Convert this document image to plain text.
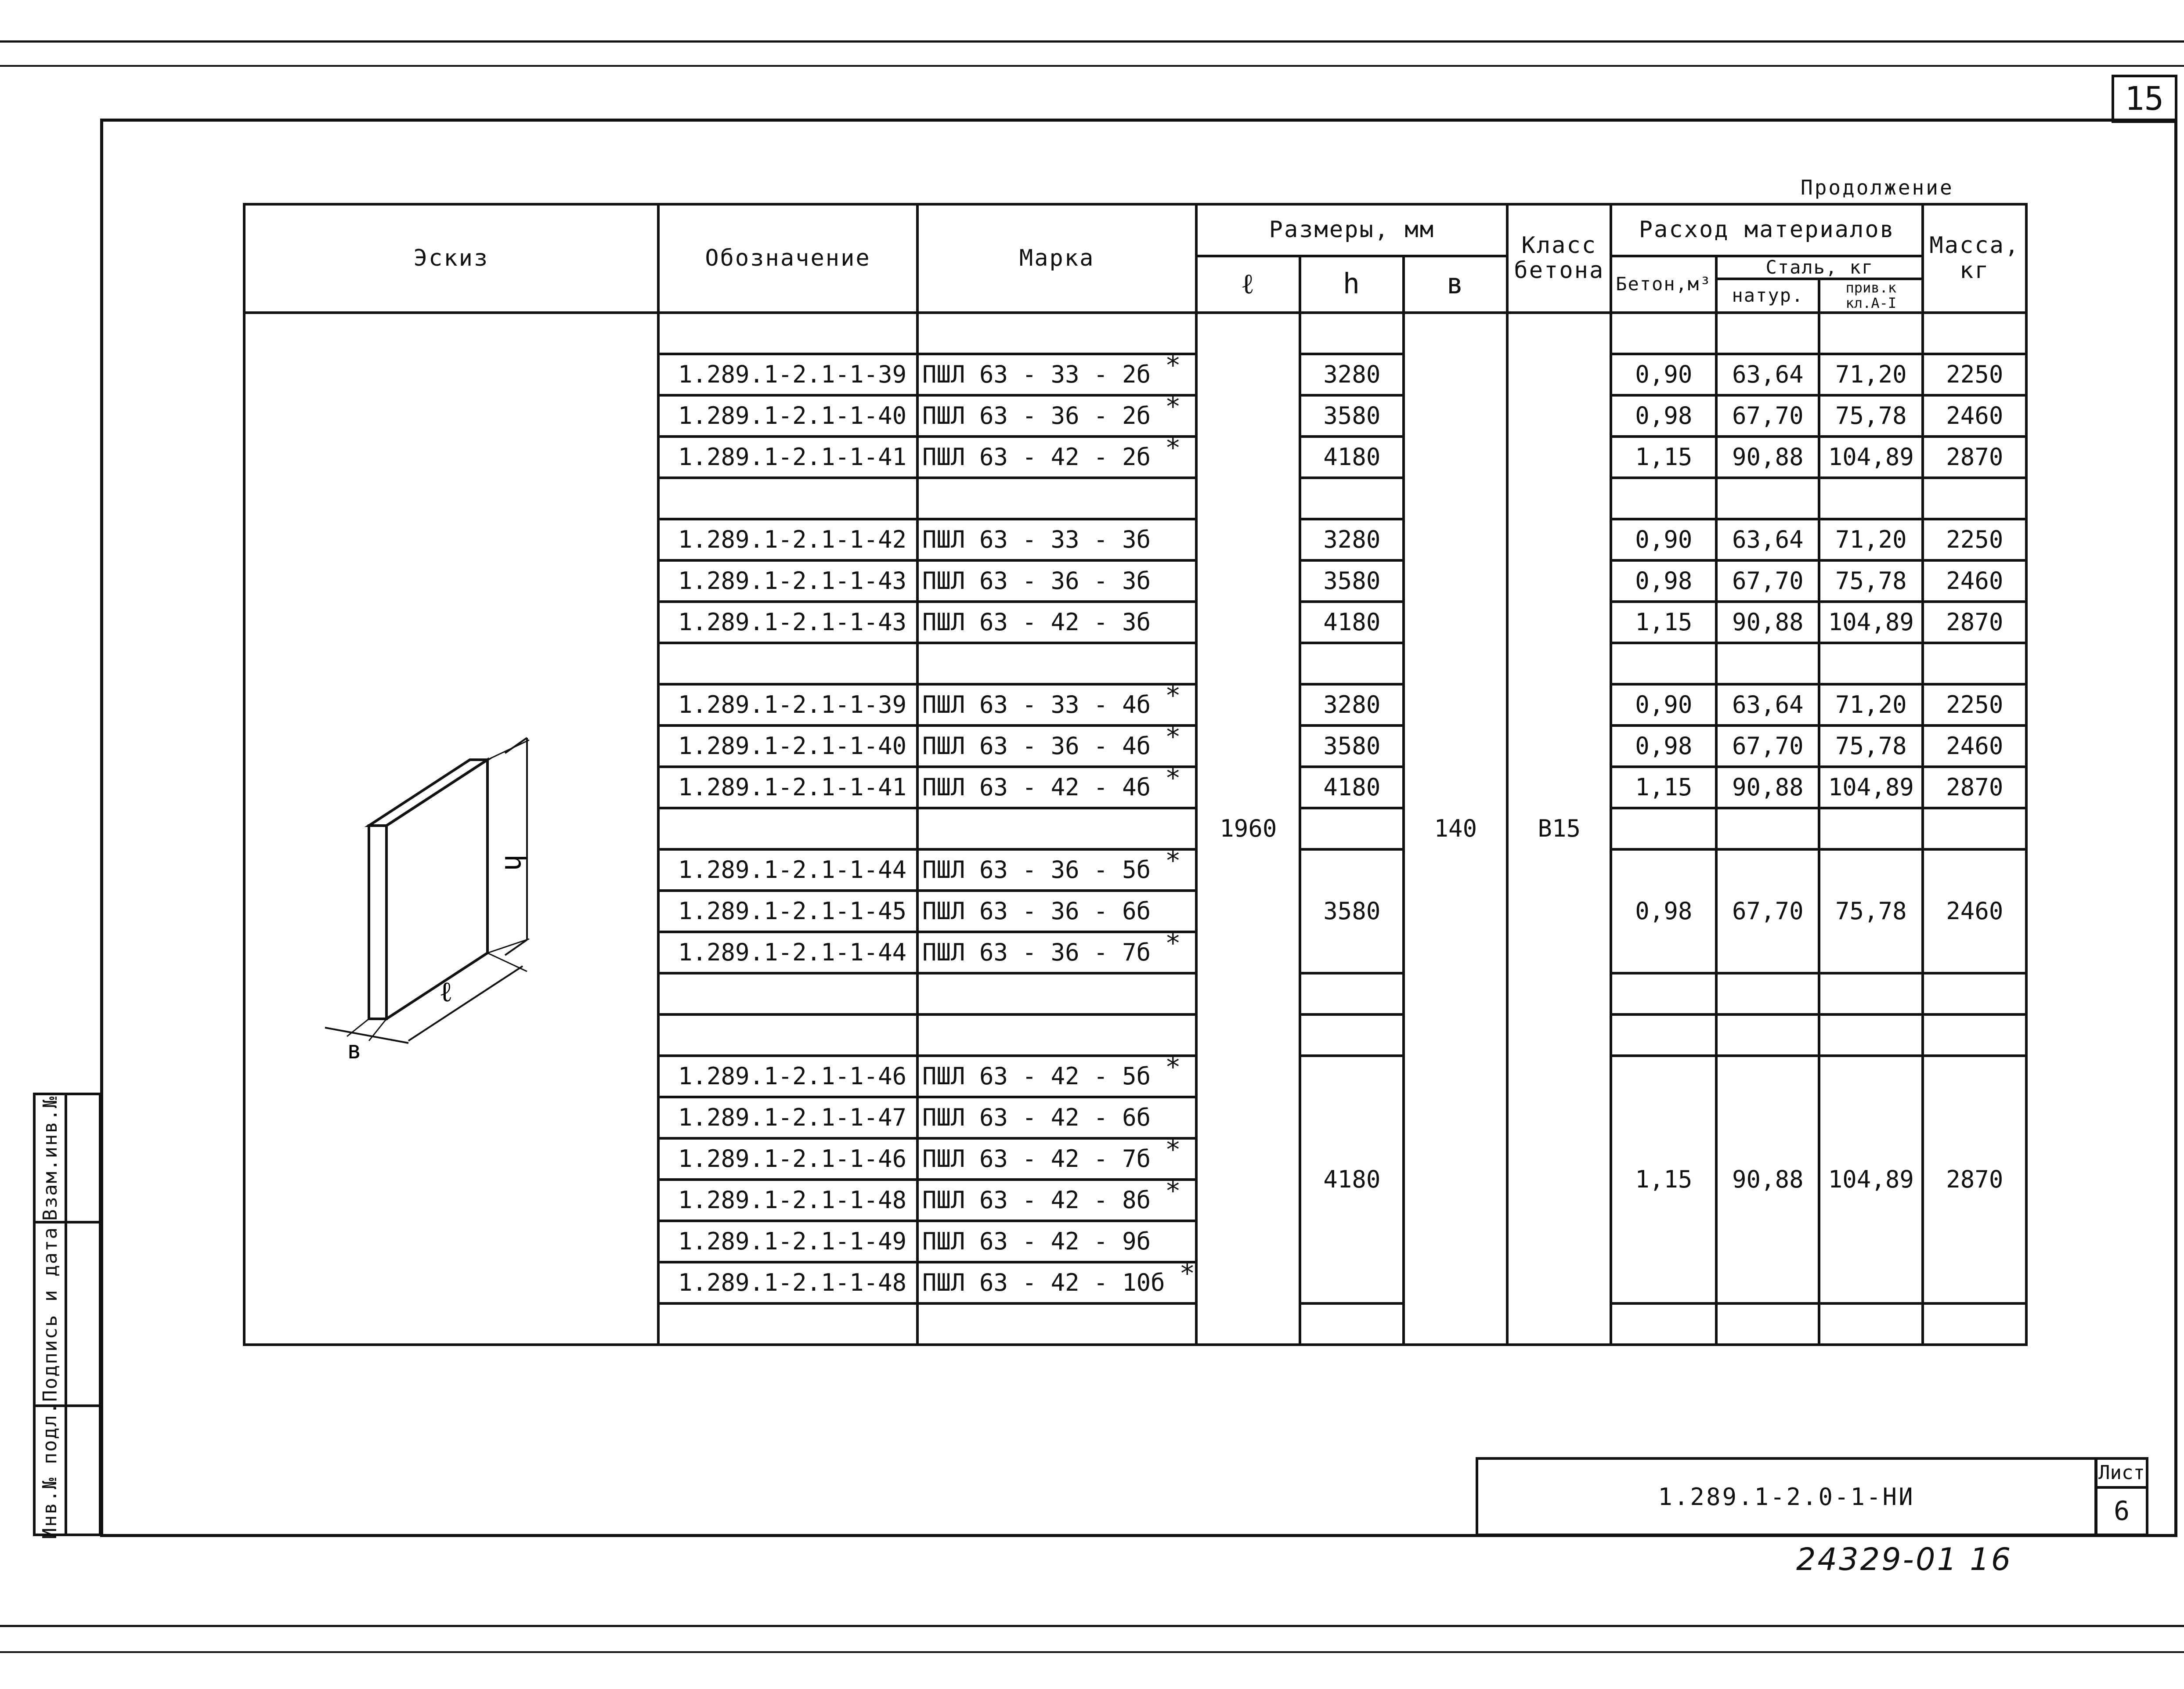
15
Продолжение
Эскиз	Обозначение	Марка	Размеры, мм			Класс
бетона	Расход материалов			Масса,
кг
			ℓ	h	в		Бетон,м³	Сталь, кг		
								натур.	прив.к кл.A-I	
			1960		140	В15				
	1.289.1-2.1-1-39	ПШЛ 63 - 33 - 2б *		3280			0,90	63,64	71,20	2250
	1.289.1-2.1-1-40	ПШЛ 63 - 36 - 2б *		3580			0,98	67,70	75,78	2460
	1.289.1-2.1-1-41	ПШЛ 63 - 42 - 2б *		4180			1,15	90,88	104,89	2870

	1.289.1-2.1-1-42	ПШЛ 63 - 33 - 3б		3280			0,90	63,64	71,20	2250
	1.289.1-2.1-1-43	ПШЛ 63 - 36 - 3б		3580			0,98	67,70	75,78	2460
	1.289.1-2.1-1-43	ПШЛ 63 - 42 - 3б		4180			1,15	90,88	104,89	2870

	1.289.1-2.1-1-39	ПШЛ 63 - 33 - 4б *		3280			0,90	63,64	71,20	2250
	1.289.1-2.1-1-40	ПШЛ 63 - 36 - 4б *		3580			0,98	67,70	75,78	2460
	1.289.1-2.1-1-41	ПШЛ 63 - 42 - 4б *		4180			1,15	90,88	104,89	2870

	1.289.1-2.1-1-44	ПШЛ 63 - 36 - 5б *		3580			0,98	67,70	75,78	2460
	1.289.1-2.1-1-45	ПШЛ 63 - 36 - 6б								
	1.289.1-2.1-1-44	ПШЛ 63 - 36 - 7б *								

	1.289.1-2.1-1-46	ПШЛ 63 - 42 - 5б *		4180			1,15	90,88	104,89	2870
	1.289.1-2.1-1-47	ПШЛ 63 - 42 - 6б								
	1.289.1-2.1-1-46	ПШЛ 63 - 42 - 7б *								
	1.289.1-2.1-1-48	ПШЛ 63 - 42 - 8б *								
	1.289.1-2.1-1-49	ПШЛ 63 - 42 - 9б								
	1.289.1-2.1-1-48	ПШЛ 63 - 42 - 10б *								

h
ℓ
в
Взам.инв.№
Подпись и дата
Инв.№ подл.	1.289.1-2.0-1-НИ
Лист
6
24329-01 16
